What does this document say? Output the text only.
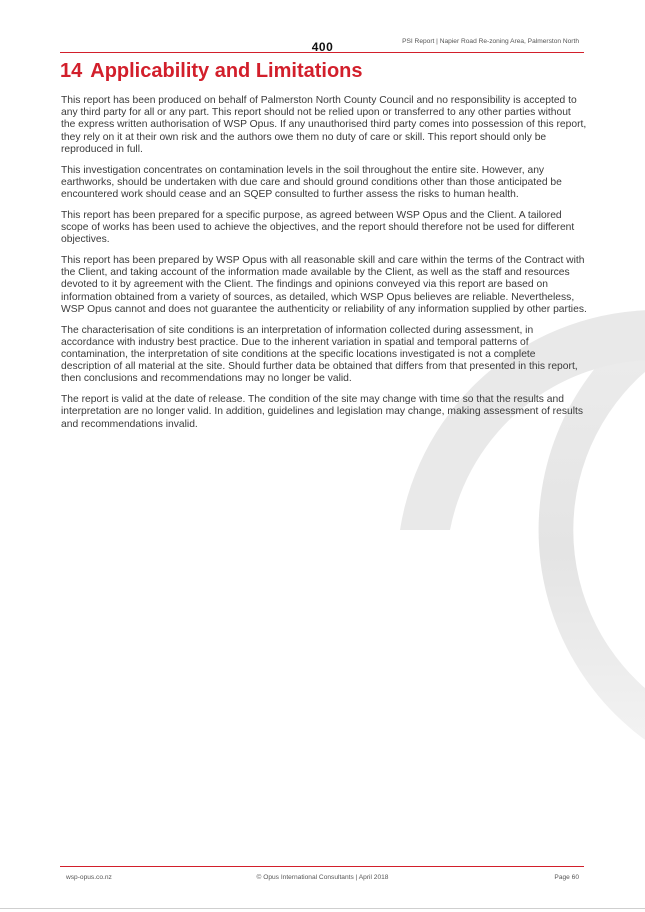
400	PSI Report | Napier Road Re-zoning Area, Palmerston North
14 Applicability and Limitations

This report has been produced on behalf of Palmerston North County Council and no responsibility is accepted to any third party for all or any part. This report should not be relied upon or transferred to any other parties without the express written authorisation of WSP Opus. If any unauthorised third party comes into possession of this report, they rely on it at their own risk and the authors owe them no duty of care or skill. This report should only be reproduced in full.

This investigation concentrates on contamination levels in the soil throughout the entire site. However, any earthworks, should be undertaken with due care and should ground conditions other than those anticipated be encountered work should cease and an SQEP consulted to further assess the risks to human health.

This report has been prepared for a specific purpose, as agreed between WSP Opus and the Client. A tailored scope of works has been used to achieve the objectives, and the report should therefore not be used for different objectives.

This report has been prepared by WSP Opus with all reasonable skill and care within the terms of the Contract with the Client, and taking account of the information made available by the Client, as well as the staff and resources devoted to it by agreement with the Client. The findings and opinions conveyed via this report are based on information obtained from a variety of sources, as detailed, which WSP Opus believes are reliable. Nevertheless, WSP Opus cannot and does not guarantee the authenticity or reliability of any information supplied by other parties.

The characterisation of site conditions is an interpretation of information collected during assessment, in accordance with industry best practice. Due to the inherent variation in spatial and temporal patterns of contamination, the interpretation of site conditions at the specific locations investigated is not a complete description of all material at the site. Should further data be obtained that differs from that presented in this report, then conclusions and recommendations may no longer be valid.

The report is valid at the date of release. The condition of the site may change with time so that the results and interpretation are no longer valid. In addition, guidelines and legislation may change, making assessment of results and recommendations invalid.

wsp-opus.co.nz	© Opus International Consultants | April 2018	Page 60
